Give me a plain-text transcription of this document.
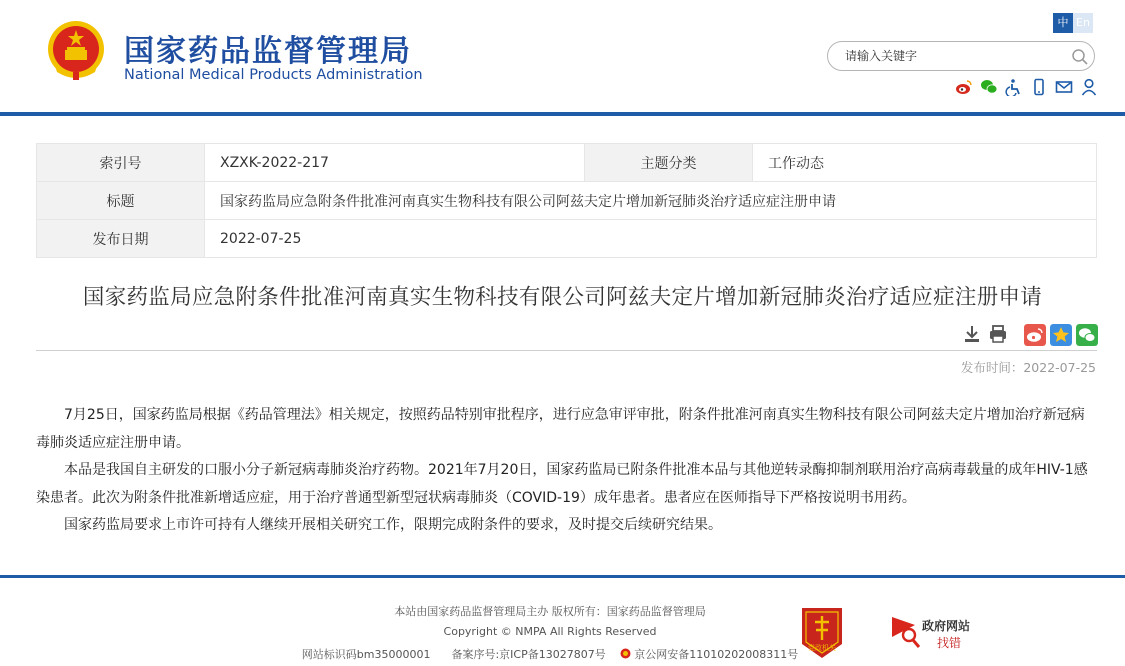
国家药品监督管理局
National Medical Products Administration
中 En
请输入关键字
索引号	XZXK-2022-217	主题分类	工作动态
标题	国家药监局应急附条件批准河南真实生物科技有限公司阿兹夫定片增加新冠肺炎治疗适应症注册申请		
发布日期	2022-07-25		
国家药监局应急附条件批准河南真实生物科技有限公司阿兹夫定片增加新冠肺炎治疗适应症注册申请
发布时间：2022-07-25

7月25日，国家药监局根据《药品管理法》相关规定，按照药品特别审批程序，进行应急审评审批，附条件批准河南真实生物科技有限公司阿兹夫定片增加治疗新冠病毒肺炎适应症注册申请。

本品是我国自主研发的口服小分子新冠病毒肺炎治疗药物。2021年7月20日，国家药监局已附条件批准本品与其他逆转录酶抑制剂联用治疗高病毒载量的成年HIV-1感染患者。此次为附条件批准新增适应症，用于治疗普通型新型冠状病毒肺炎（COVID-19）成年患者。患者应在医师指导下严格按说明书用药。

国家药监局要求上市许可持有人继续开展相关研究工作，限期完成附条件的要求，及时提交后续研究结果。

本站由国家药品监督管理局主办 版权所有：国家药品监督管理局
Copyright © NMPA All Rights Reserved
网站标识码bm35000001 备案序号:京ICP备13027807号	京公网安备11010202008311号	党政机关
政府网站
找错
